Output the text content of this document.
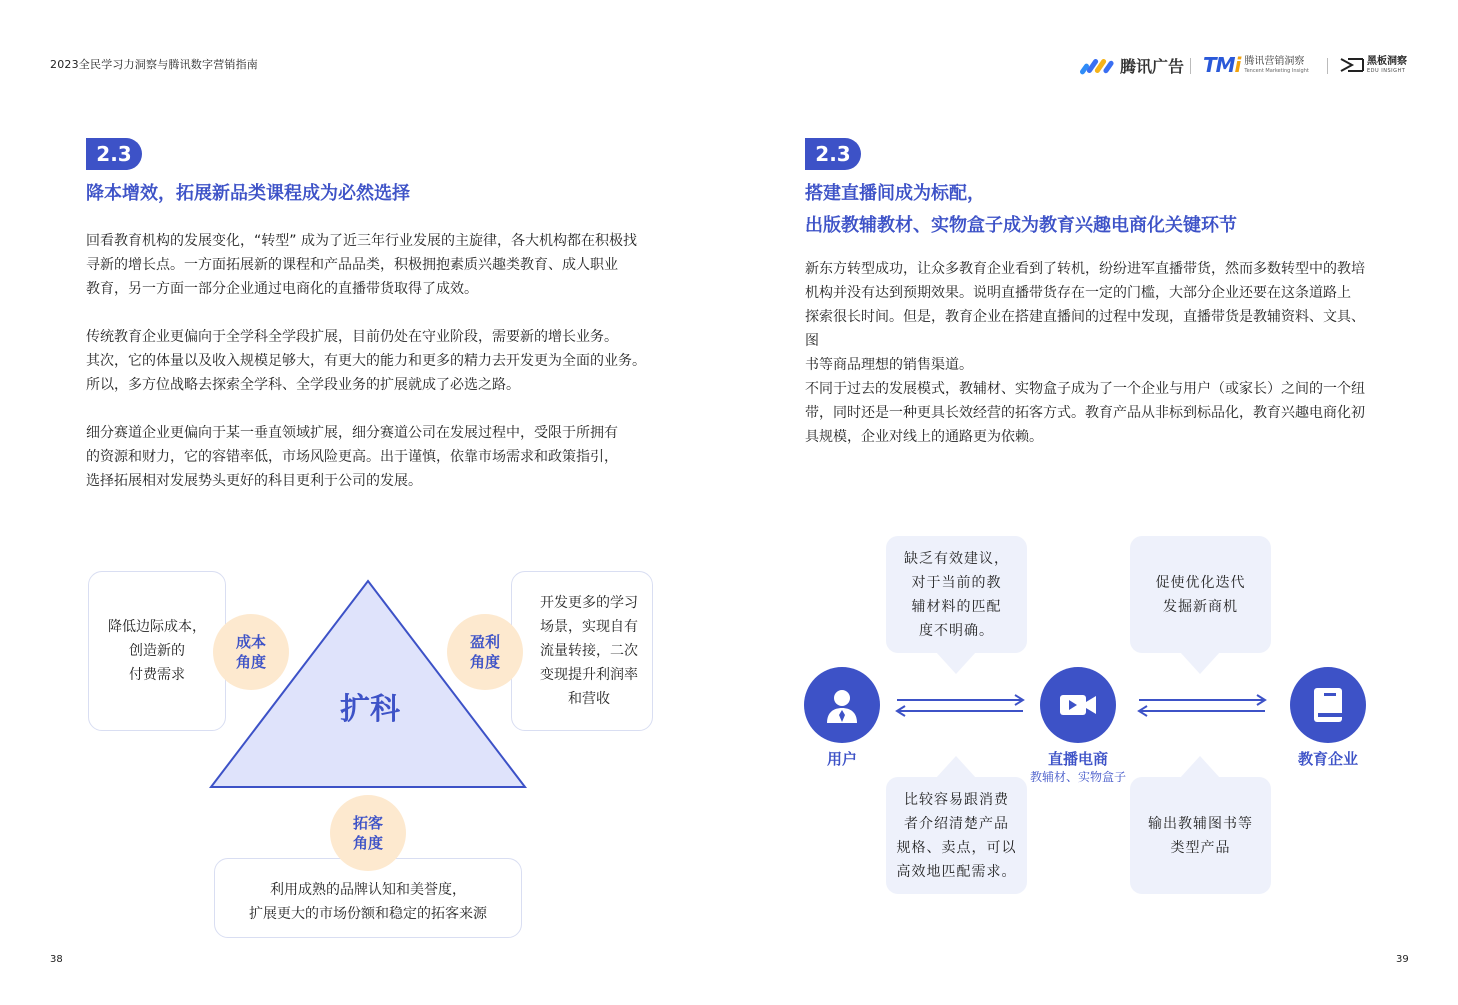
2023全民学习力洞察与腾讯数字营销指南	腾讯广告 TMi 腾讯营销洞察
Tencent Marketing Insight
黑板洞察
EDU INSIGHT
2.3
降本增效，拓展新品类课程成为必然选择
回看教育机构的发展变化，“转型” 成为了近三年行业发展的主旋律，各大机构都在积极找
寻新的增长点。一方面拓展新的课程和产品品类，积极拥抱素质兴趣类教育、成人职业
教育，另一方面一部分企业通过电商化的直播带货取得了成效。
传统教育企业更偏向于全学科全学段扩展，目前仍处在守业阶段，需要新的增长业务。
其次，它的体量以及收入规模足够大，有更大的能力和更多的精力去开发更为全面的业务。
所以，多方位战略去探索全学科、全学段业务的扩展就成了必选之路。
细分赛道企业更偏向于某一垂直领域扩展，细分赛道公司在发展过程中，受限于所拥有
的资源和财力，它的容错率低，市场风险更高。出于谨慎，依靠市场需求和政策指引，
选择拓展相对发展势头更好的科目更利于公司的发展。
扩科
降低边际成本，
创造新的
付费需求
成本
角度
开发更多的学习
场景，实现自有
流量转接，二次
变现提升利润率
和营收
盈利
角度
利用成熟的品牌认知和美誉度，
扩展更大的市场份额和稳定的拓客来源
拓客
角度
38
2.3
搭建直播间成为标配，
出版教辅教材、实物盒子成为教育兴趣电商化关键环节
新东方转型成功，让众多教育企业看到了转机，纷纷进军直播带货，然而多数转型中的教培
机构并没有达到预期效果。说明直播带货存在一定的门槛，大部分企业还要在这条道路上
探索很长时间。但是，教育企业在搭建直播间的过程中发现，直播带货是教辅资料、文具、图
书等商品理想的销售渠道。
不同于过去的发展模式，教辅材、实物盒子成为了一个企业与用户（或家长）之间的一个纽
带，同时还是一种更具长效经营的拓客方式。教育产品从非标到标品化，教育兴趣电商化初
具规模，企业对线上的通路更为依赖。
缺乏有效建议，
对于当前的教
辅材料的匹配
度不明确。
促使优化迭代
发掘新商机
比较容易跟消费
者介绍清楚产品
规格、卖点，可以
高效地匹配需求。
输出教辅图书等
类型产品
用户	直播电商
教辅材、实物盒子
教育企业
39
